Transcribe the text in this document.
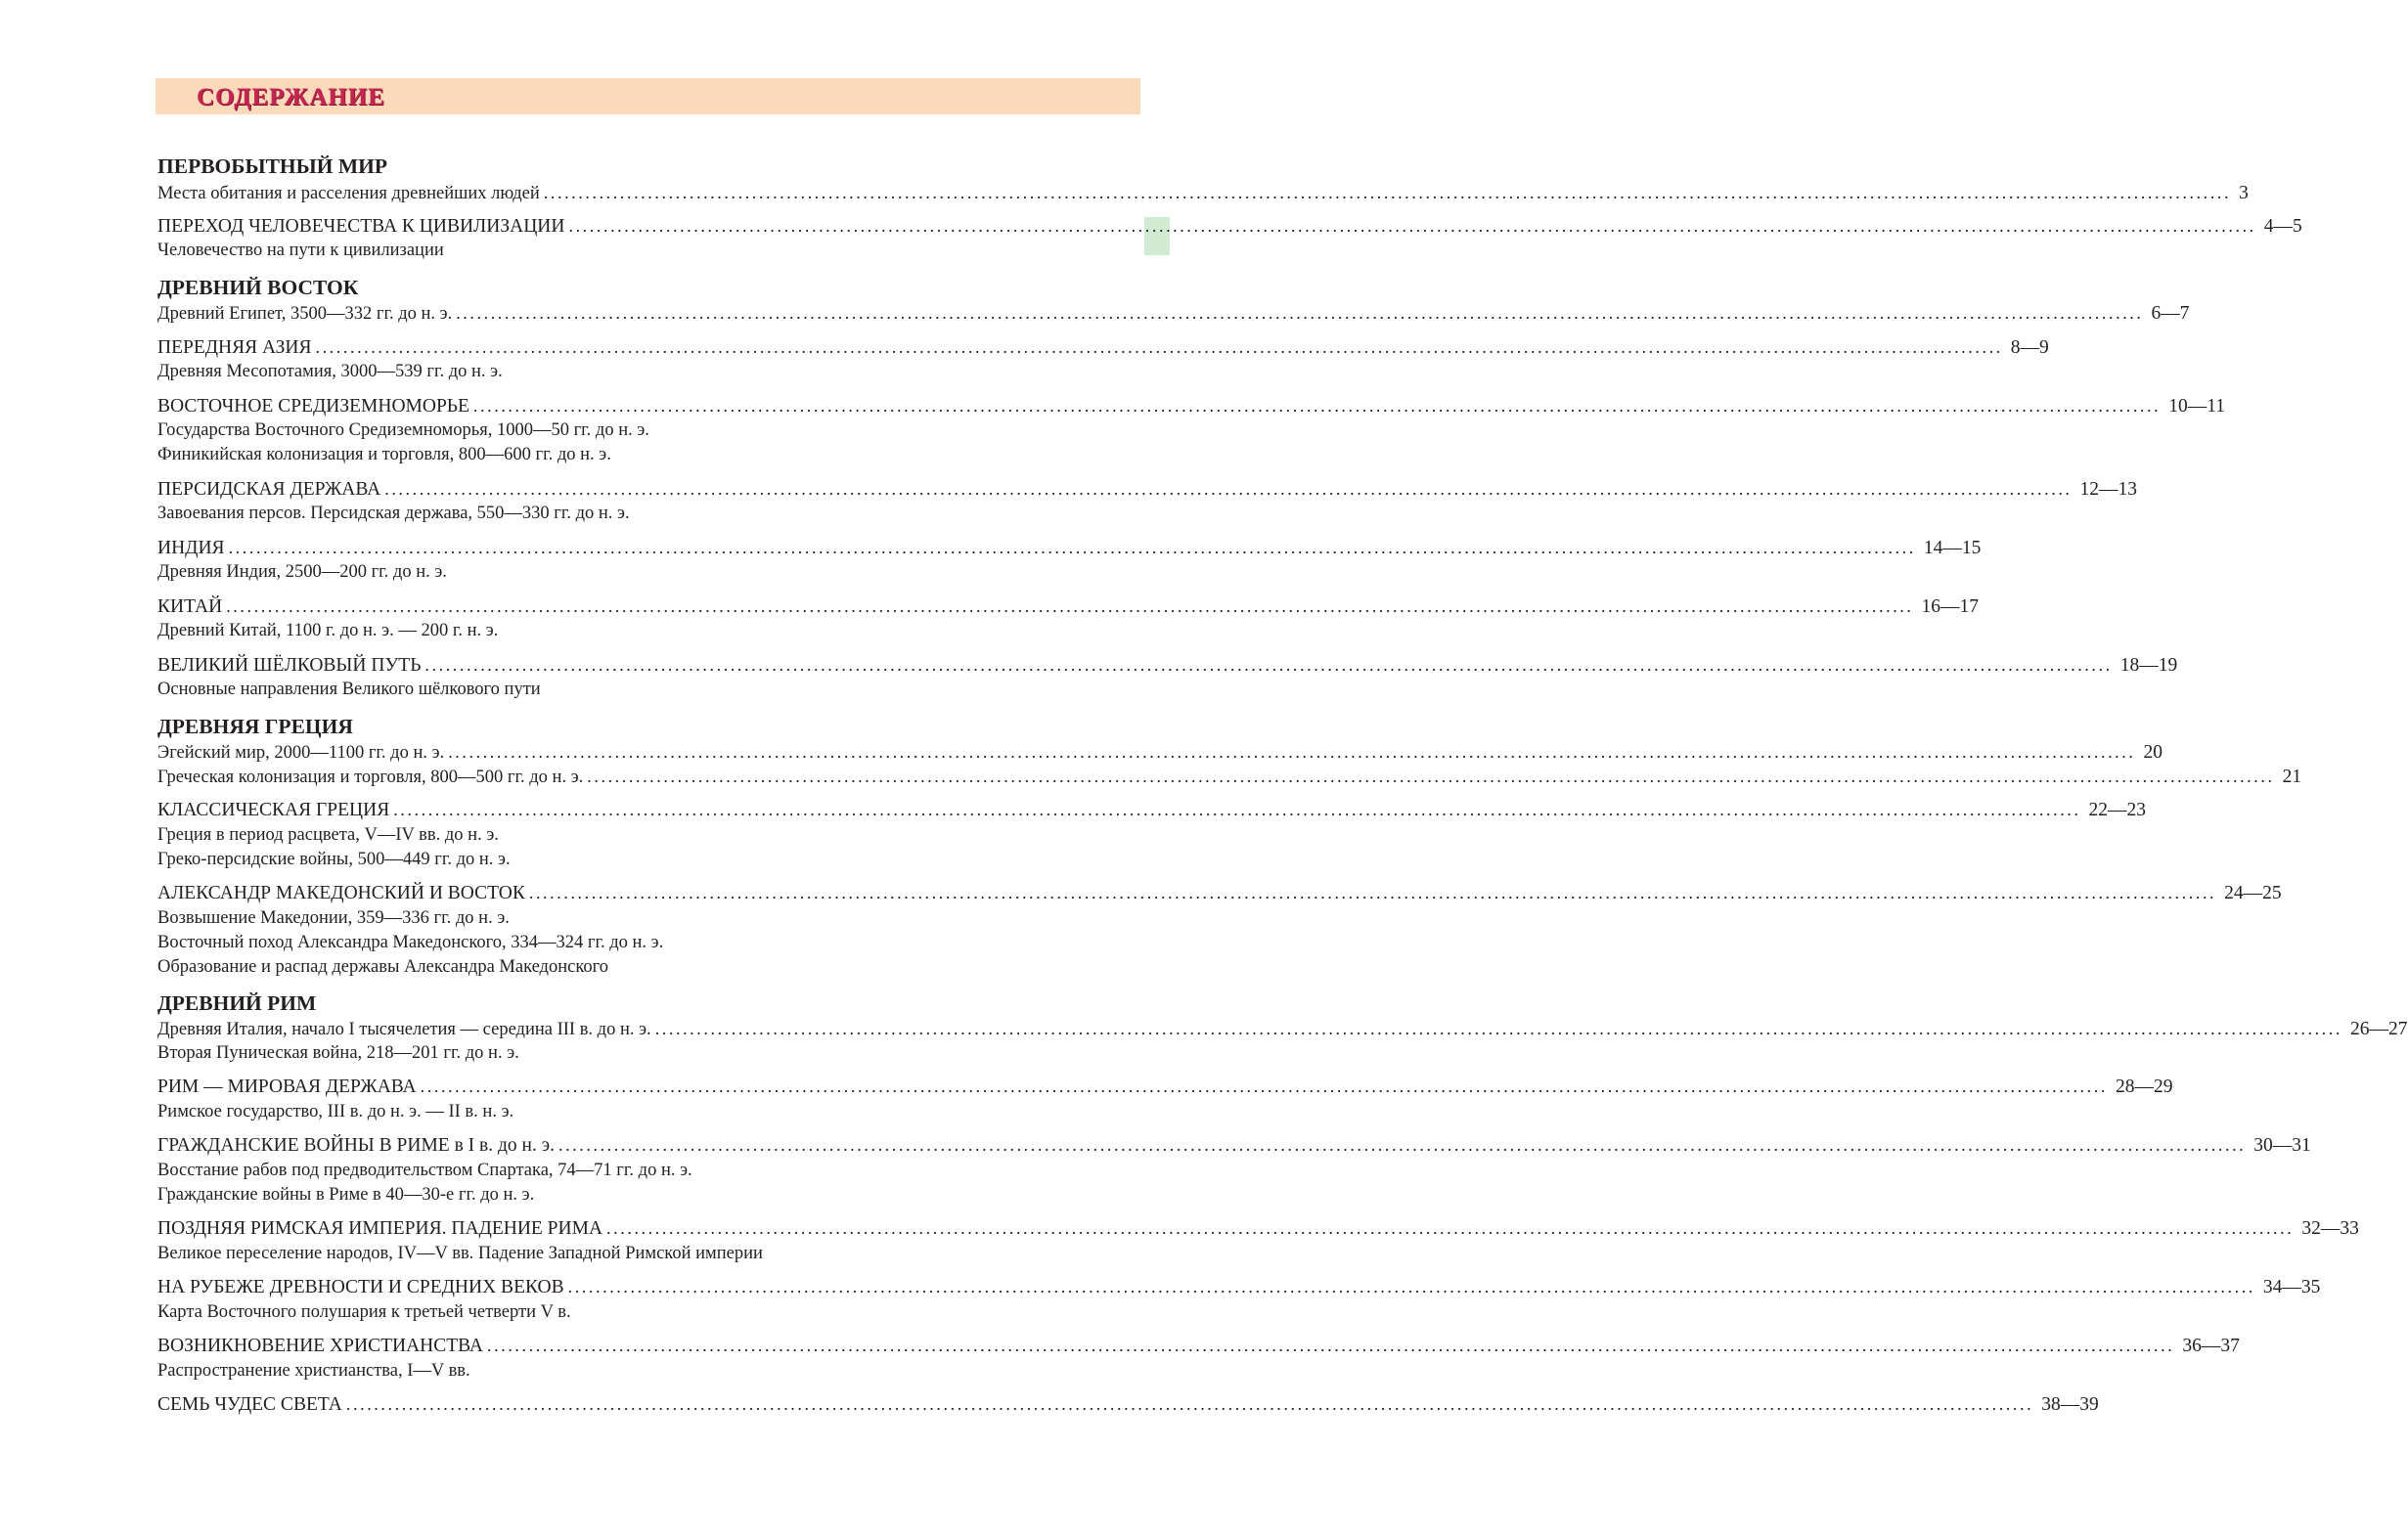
СОДЕРЖАНИЕ
ПЕРВОБЫТНЫЙ МИР
Места обитания и расселения древнейших людей ................................................................................................................................................................................................................................................... 3
ПЕРЕХОД ЧЕЛОВЕЧЕСТВА К ЦИВИЛИЗАЦИИ ................................................................................................................................................................................................................................................... 4—5
Человечество на пути к цивилизации
ДРЕВНИЙ ВОСТОК
Древний Египет, 3500—332 гг. до н. э. ................................................................................................................................................................................................................................................... 6—7
ПЕРЕДНЯЯ АЗИЯ ................................................................................................................................................................................................................................................... 8—9
Древняя Месопотамия, 3000—539 гг. до н. э.
ВОСТОЧНОЕ СРЕДИЗЕМНОМОРЬЕ ................................................................................................................................................................................................................................................... 10—11
Государства Восточного Средиземноморья, 1000—50 гг. до н. э.
Финикийская колонизация и торговля, 800—600 гг. до н. э.
ПЕРСИДСКАЯ ДЕРЖАВА ................................................................................................................................................................................................................................................... 12—13
Завоевания персов. Персидская держава, 550—330 гг. до н. э.
ИНДИЯ ................................................................................................................................................................................................................................................... 14—15
Древняя Индия, 2500—200 гг. до н. э.
КИТАЙ ................................................................................................................................................................................................................................................... 16—17
Древний Китай, 1100 г. до н. э. — 200 г. н. э.
ВЕЛИКИЙ ШЁЛКОВЫЙ ПУТЬ ................................................................................................................................................................................................................................................... 18—19
Основные направления Великого шёлкового пути
ДРЕВНЯЯ ГРЕЦИЯ
Эгейский мир, 2000—1100 гг. до н. э. ................................................................................................................................................................................................................................................... 20
Греческая колонизация и торговля, 800—500 гг. до н. э. ................................................................................................................................................................................................................................................... 21
КЛАССИЧЕСКАЯ ГРЕЦИЯ ................................................................................................................................................................................................................................................... 22—23
Греция в период расцвета, V—IV вв. до н. э.
Греко-персидские войны, 500—449 гг. до н. э.
АЛЕКСАНДР МАКЕДОНСКИЙ И ВОСТОК ................................................................................................................................................................................................................................................... 24—25
Возвышение Македонии, 359—336 гг. до н. э.
Восточный поход Александра Македонского, 334—324 гг. до н. э.
Образование и распад державы Александра Македонского
ДРЕВНИЙ РИМ
Древняя Италия, начало I тысячелетия — середина III в. до н. э. ................................................................................................................................................................................................................................................... 26—27
Вторая Пуническая война, 218—201 гг. до н. э.
РИМ — МИРОВАЯ ДЕРЖАВА ................................................................................................................................................................................................................................................... 28—29
Римское государство, III в. до н. э. — II в. н. э.
ГРАЖДАНСКИЕ ВОЙНЫ В РИМЕ в I в. до н. э. ................................................................................................................................................................................................................................................... 30—31
Восстание рабов под предводительством Спартака, 74—71 гг. до н. э.
Гражданские войны в Риме в 40—30-е гг. до н. э.
ПОЗДНЯЯ РИМСКАЯ ИМПЕРИЯ. ПАДЕНИЕ РИМА ................................................................................................................................................................................................................................................... 32—33
Великое переселение народов, IV—V вв. Падение Западной Римской империи
НА РУБЕЖЕ ДРЕВНОСТИ И СРЕДНИХ ВЕКОВ ................................................................................................................................................................................................................................................... 34—35
Карта Восточного полушария к третьей четверти V в.
ВОЗНИКНОВЕНИЕ ХРИСТИАНСТВА ................................................................................................................................................................................................................................................... 36—37
Распространение христианства, I—V вв.
СЕМЬ ЧУДЕС СВЕТА ................................................................................................................................................................................................................................................... 38—39
